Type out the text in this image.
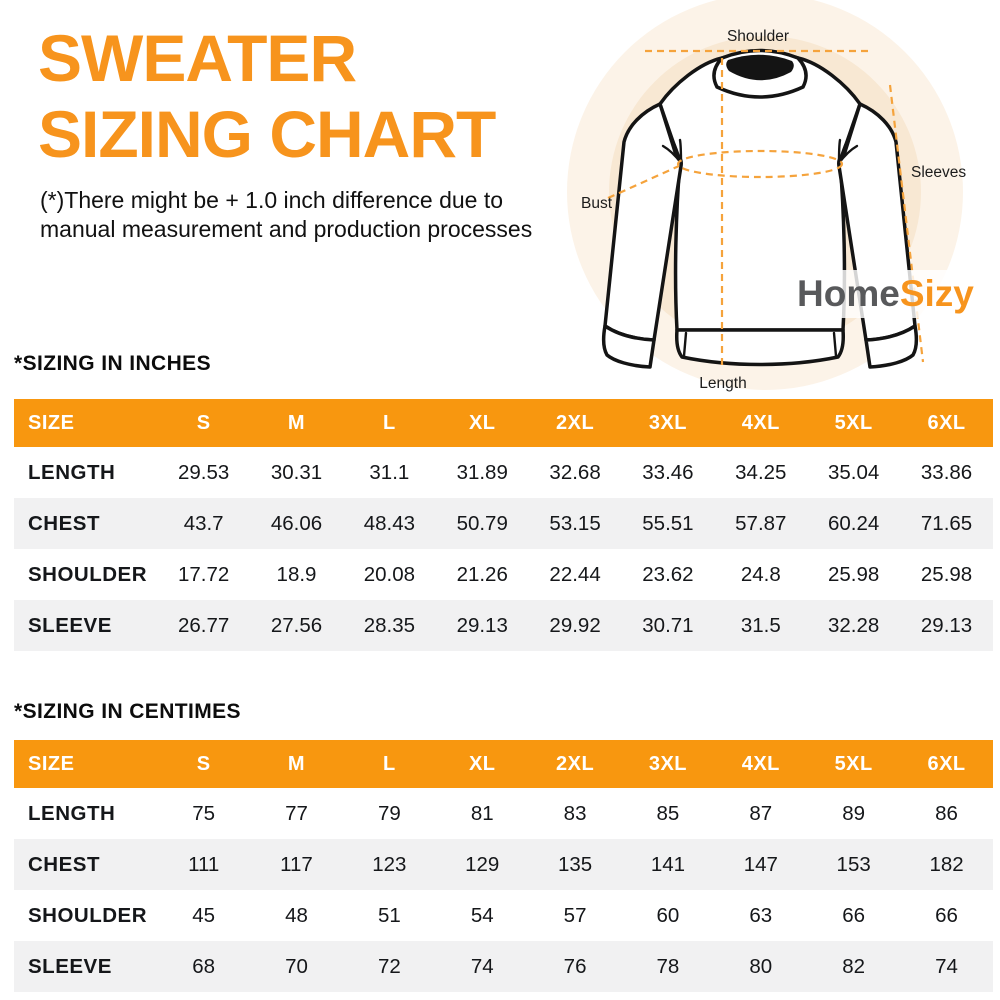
SWEATER
SIZING CHART
(*)There might be + 1.0 inch difference due to
manual measurement and production processes
Shoulder
Sleeves
Bust
Length
HomeSizy
*SIZING IN INCHES
SIZE	S	M	L	XL	2XL	3XL	4XL	5XL	6XL
LENGTH	29.53	30.31	31.1	31.89	32.68	33.46	34.25	35.04	33.86
CHEST	43.7	46.06	48.43	50.79	53.15	55.51	57.87	60.24	71.65
SHOULDER	17.72	18.9	20.08	21.26	22.44	23.62	24.8	25.98	25.98
SLEEVE	26.77	27.56	28.35	29.13	29.92	30.71	31.5	32.28	29.13
*SIZING IN CENTIMES
SIZE	S	M	L	XL	2XL	3XL	4XL	5XL	6XL
LENGTH	75	77	79	81	83	85	87	89	86
CHEST	111	117	123	129	135	141	147	153	182
SHOULDER	45	48	51	54	57	60	63	66	66
SLEEVE	68	70	72	74	76	78	80	82	74
